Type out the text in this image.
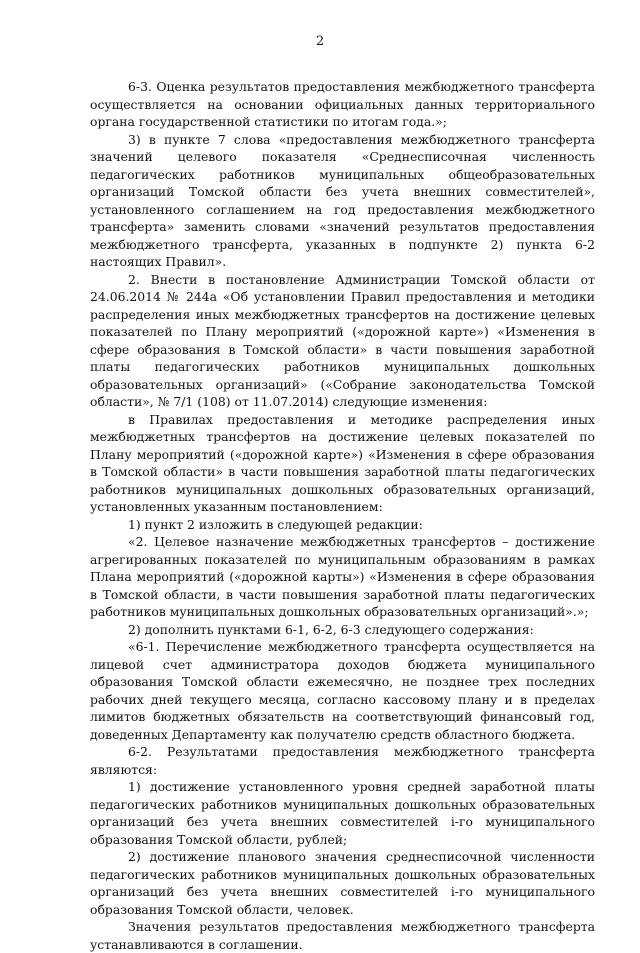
2

6-3. Оценка результатов предоставления межбюджетного трансферта осуществляется на основании официальных данных территориального органа государственной статистики по итогам года.»;

3) в пункте 7 слова «предоставления межбюджетного трансферта значений целевого показателя «Среднесписочная численность педагогических работников муниципальных общеобразовательных организаций Томской области без учета внешних совместителей», установленного соглашением на год предоставления межбюджетного трансферта» заменить словами «значений результатов предоставления межбюджетного трансферта, указанных в подпункте 2) пункта 6-2 настоящих Правил».

2. Внести в постановление Администрации Томской области от 24.06.2014 № 244а «Об установлении Правил предоставления и методики распределения иных межбюджетных трансфертов на достижение целевых показателей по Плану мероприятий («дорожной карте») «Изменения в сфере образования в Томской области» в части повышения заработной платы педагогических работников муниципальных дошкольных образовательных организаций» («Собрание законодательства Томской области», № 7/1 (108) от 11.07.2014) следующие изменения:

в Правилах предоставления и методике распределения иных межбюджетных трансфертов на достижение целевых показателей по Плану мероприятий («дорожной карте») «Изменения в сфере образования в Томской области» в части повышения заработной платы педагогических работников муниципальных дошкольных образовательных организаций, установленных указанным постановлением:

1) пункт 2 изложить в следующей редакции:

«2. Целевое назначение межбюджетных трансфертов – достижение агрегированных показателей по муниципальным образованиям в рамках Плана мероприятий («дорожной карты») «Изменения в сфере образования в Томской области, в части повышения заработной платы педагогических работников муниципальных дошкольных образовательных организаций».»;

2) дополнить пунктами 6-1, 6-2, 6-3 следующего содержания:

«6-1. Перечисление межбюджетного трансферта осуществляется на лицевой счет администратора доходов бюджета муниципального образования Томской области ежемесячно, не позднее трех последних рабочих дней текущего месяца, согласно кассовому плану и в пределах лимитов бюджетных обязательств на соответствующий финансовый год, доведенных Департаменту как получателю средств областного бюджета.

6-2. Результатами предоставления межбюджетного трансферта являются:

1) достижение установленного уровня средней заработной платы педагогических работников муниципальных дошкольных образовательных организаций без учета внешних совместителей i-го муниципального образования Томской области, рублей;

2) достижение планового значения среднесписочной численности педагогических работников муниципальных дошкольных образовательных организаций без учета внешних совместителей i-го муниципального образования Томской области, человек.

Значения результатов предоставления межбюджетного трансферта устанавливаются в соглашении.
